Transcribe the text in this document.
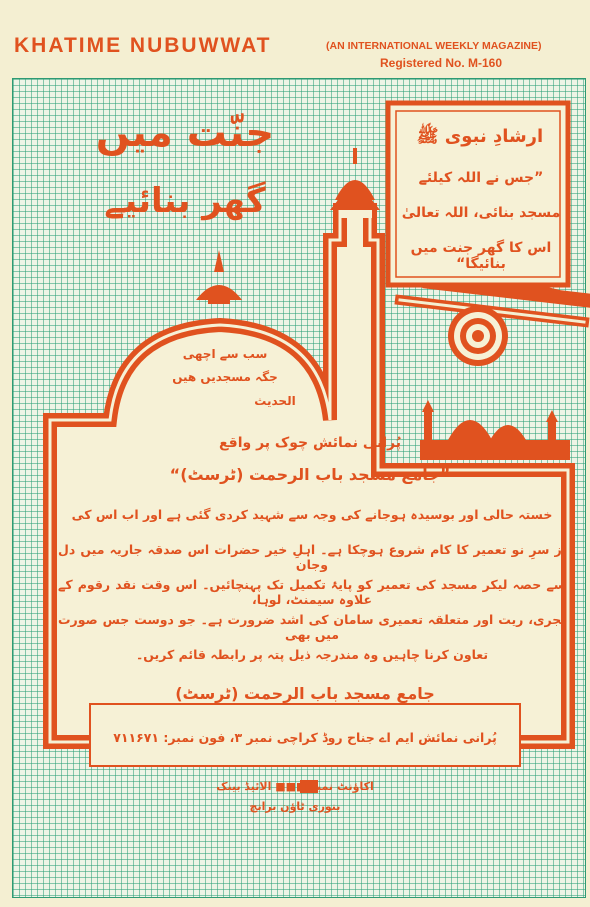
KHATIME NUBUWWAT	(AN INTERNATIONAL WEEKLY MAGAZINE)
Registered No. M-160
جنّت میں
گھر بنائیے
ارشادِ نبوی ﷺ
”جس نے اللہ کیلئے
مسجد بنائی، اللہ تعالیٰ
اس کا گھر جنت میں بنائیگا“
سب سے اچھی
جگہ مسجدیں ھیں
الحدیث
پُرانی نمائش چوک پر واقع
”جامع مسجد باب الرحمت (ٹرسٹ)“
خستہ حالی اور بوسیدہ ہوجانے کی وجہ سے شہید کردی گئی ہے اور اب اس کی
از سرِ نو تعمیر کا کام شروع ہوچکا ہے۔ اہلِ خیر حضرات اس صدقہ جاریہ میں دل وجان
سے حصہ لیکر مسجد کی تعمیر کو پایۂ تکمیل تک پہنچائیں۔ اس وقت نقد رقوم کے علاوہ سیمنٹ، لوہا،
بجری، ریت اور متعلقہ تعمیری سامان کی اشد ضرورت ہے۔ جو دوست جس صورت میں بھی
تعاون کرنا چاہیں وہ مندرجہ ذیل پتہ پر رابطہ قائم کریں۔
جامع مسجد باب الرحمت (ٹرسٹ)
پُرانی نمائش ایم اے جناح روڈ کراچی نمبر ۳، فون نمبر: ۷۱۱۶۷۱
اکاؤنٹ نمبر ■■■ الائیڈ بینک
بنوری ٹاؤن برانچ
